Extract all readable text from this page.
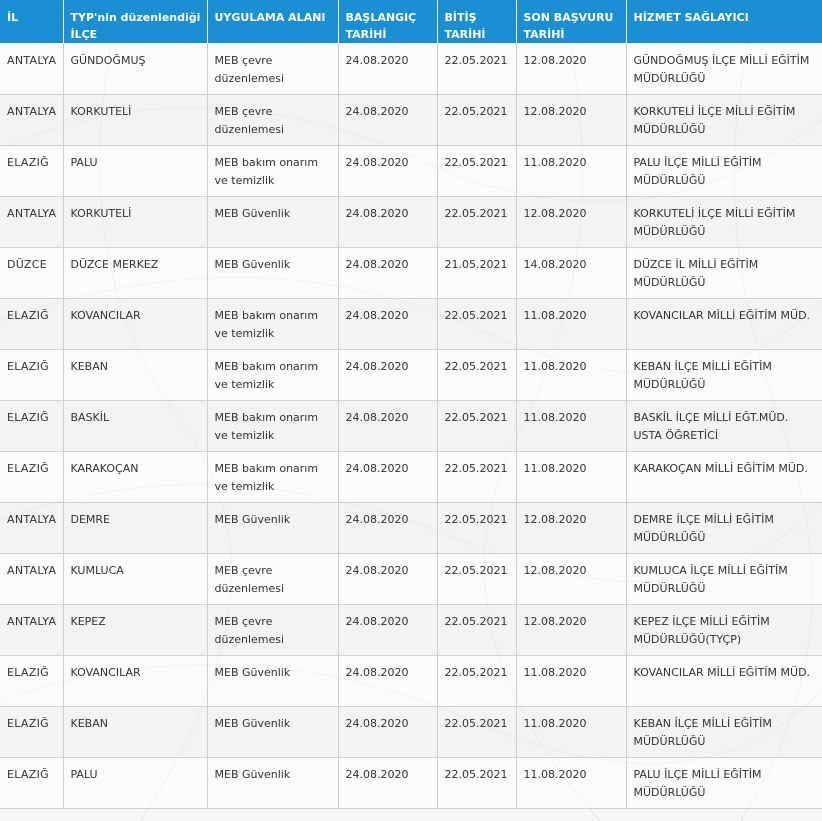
İL	TYP'nin düzenlendiği İLÇE	UYGULAMA ALANI	BAŞLANGIÇ TARİHİ	BİTİŞ TARİHİ	SON BAŞVURU TARİHİ	HİZMET SAĞLAYICI
ANTALYA	GÜNDOĞMUŞ	MEB çevre düzenlemesi	24.08.2020	22.05.2021	12.08.2020	GÜNDOĞMUŞ İLÇE MİLLİ EĞİTİM MÜDÜRLÜĞÜ
ANTALYA	KORKUTELİ	MEB çevre düzenlemesi	24.08.2020	22.05.2021	12.08.2020	KORKUTELİ İLÇE MİLLİ EĞİTİM MÜDÜRLÜĞÜ
ELAZIĞ	PALU	MEB bakım onarım ve temizlik	24.08.2020	22.05.2021	11.08.2020	PALU İLÇE MİLLİ EĞİTİM MÜDÜRLÜĞÜ
ANTALYA	KORKUTELİ	MEB Güvenlik	24.08.2020	22.05.2021	12.08.2020	KORKUTELİ İLÇE MİLLİ EĞİTİM MÜDÜRLÜĞÜ
DÜZCE	DÜZCE MERKEZ	MEB Güvenlik	24.08.2020	21.05.2021	14.08.2020	DÜZCE İL MİLLİ EĞİTİM MÜDÜRLÜĞÜ
ELAZIĞ	KOVANCILAR	MEB bakım onarım ve temizlik	24.08.2020	22.05.2021	11.08.2020	KOVANCILAR MİLLİ EĞİTİM MÜD.
ELAZIĞ	KEBAN	MEB bakım onarım ve temizlik	24.08.2020	22.05.2021	11.08.2020	KEBAN İLÇE MİLLİ EĞİTİM MÜDÜRLÜĞÜ
ELAZIĞ	BASKİL	MEB bakım onarım ve temizlik	24.08.2020	22.05.2021	11.08.2020	BASKİL İLÇE MİLLİ EĞT.MÜD. USTA ÖĞRETİCİ
ELAZIĞ	KARAKOÇAN	MEB bakım onarım ve temizlik	24.08.2020	22.05.2021	11.08.2020	KARAKOÇAN MİLLİ EĞİTİM MÜD.
ANTALYA	DEMRE	MEB Güvenlik	24.08.2020	22.05.2021	12.08.2020	DEMRE İLÇE MİLLİ EĞİTİM MÜDÜRLÜĞÜ
ANTALYA	KUMLUCA	MEB çevre düzenlemesi	24.08.2020	22.05.2021	12.08.2020	KUMLUCA İLÇE MİLLİ EĞİTİM MÜDÜRLÜĞÜ
ANTALYA	KEPEZ	MEB çevre düzenlemesi	24.08.2020	22.05.2021	12.08.2020	KEPEZ İLÇE MİLLİ EĞİTİM MÜDÜRLÜĞÜ(TYÇP)
ELAZIĞ	KOVANCILAR	MEB Güvenlik	24.08.2020	22.05.2021	11.08.2020	KOVANCILAR MİLLİ EĞİTİM MÜD.
ELAZIĞ	KEBAN	MEB Güvenlik	24.08.2020	22.05.2021	11.08.2020	KEBAN İLÇE MİLLİ EĞİTİM MÜDÜRLÜĞÜ
ELAZIĞ	PALU	MEB Güvenlik	24.08.2020	22.05.2021	11.08.2020	PALU İLÇE MİLLİ EĞİTİM MÜDÜRLÜĞÜ
